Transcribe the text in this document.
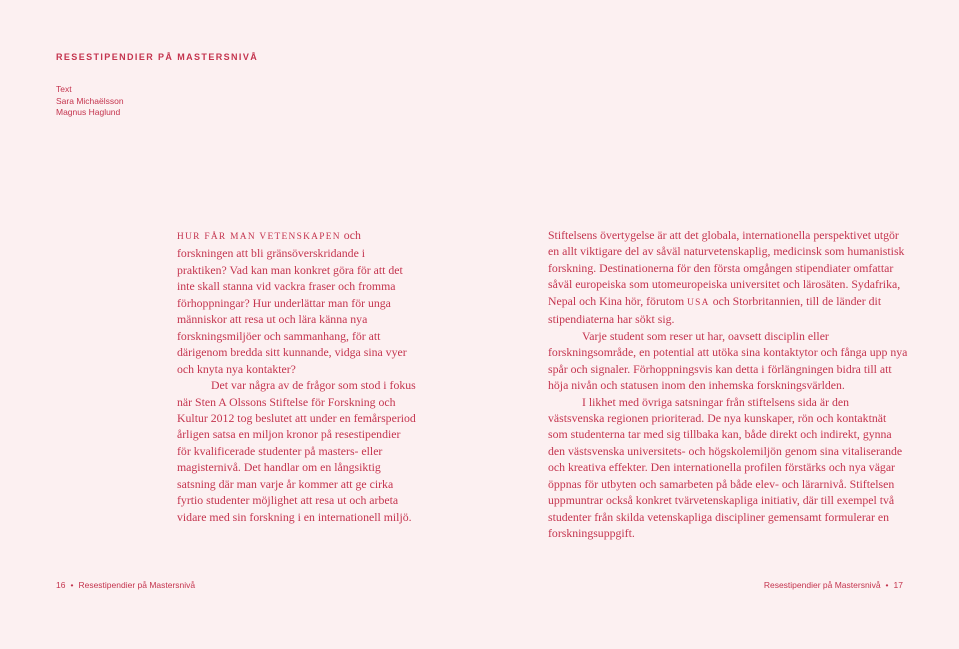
RESESTIPENDIER PÅ MASTERSNIVÅ
Text
Sara Michaëlsson
Magnus Haglund

HUR FÅR MAN VETENSKAPEN och forskningen att bli gränsöverskridande i praktiken? Vad kan man konkret göra för att det inte skall stanna vid vackra fraser och fromma förhoppningar? Hur underlättar man för unga människor att resa ut och lära känna nya forskningsmiljöer och sammanhang, för att därigenom bredda sitt kunnande, vidga sina vyer och knyta nya kontakter?

Det var några av de frågor som stod i fokus när Sten A Olssons Stiftelse för Forskning och Kultur 2012 tog beslutet att under en femårsperiod årligen satsa en miljon kronor på resestipendier för kvalificerade studenter på masters- eller magisternivå. Det handlar om en långsiktig satsning där man varje år kommer att ge cirka fyrtio studenter möjlighet att resa ut och arbeta vidare med sin forskning i en internationell miljö.

Stiftelsens övertygelse är att det globala, internationella perspektivet utgör en allt viktigare del av såväl naturvetenskaplig, medicinsk som humanistisk forskning. Destinationerna för den första omgången stipendiater omfattar såväl europeiska som utomeuropeiska universitet och lärosäten. Sydafrika, Nepal och Kina hör, förutom USA och Storbritannien, till de länder dit stipendiaterna har sökt sig.

Varje student som reser ut har, oavsett disciplin eller forskningsområde, en potential att utöka sina kontaktytor och fånga upp nya spår och signaler. Förhoppningsvis kan detta i förlängningen bidra till att höja nivån och statusen inom den inhemska forskningsvärlden.

I likhet med övriga satsningar från stiftelsens sida är den västsvenska regionen prioriterad. De nya kunskaper, rön och kontaktnät som studenterna tar med sig tillbaka kan, både direkt och indirekt, gynna den västsvenska universitets- och högskolemiljön genom sina vitaliserande och kreativa effekter. Den internationella profilen förstärks och nya vägar öppnas för utbyten och samarbeten på både elev- och lärarnivå. Stiftelsen uppmuntrar också konkret tvärvetenskapliga initiativ, där till exempel två studenter från skilda vetenskapliga discipliner gemensamt formulerar en forskningsuppgift.

16 • Resestipendier på Mastersnivå	Resestipendier på Mastersnivå • 17
